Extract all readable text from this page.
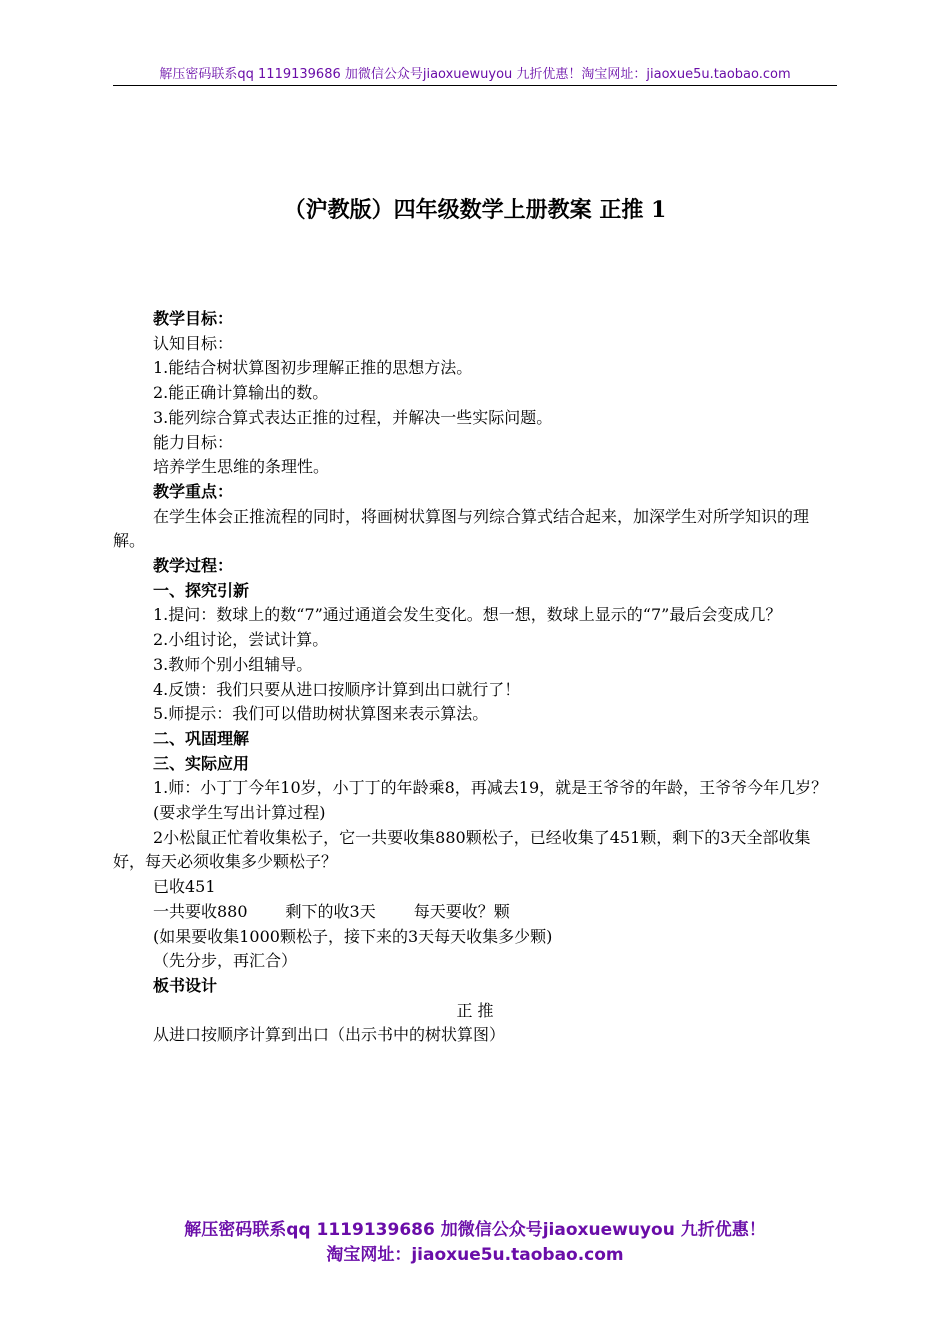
解压密码联系qq 1119139686 加微信公众号jiaoxuewuyou 九折优惠！淘宝网址：jiaoxue5u.taobao.com
（沪教版）四年级数学上册教案 正推 1

教学目标：

认知目标：

1.能结合树状算图初步理解正推的思想方法。

2.能正确计算输出的数。

3.能列综合算式表达正推的过程，并解决一些实际问题。

能力目标：

培养学生思维的条理性。

教学重点：

在学生体会正推流程的同时，将画树状算图与列综合算式结合起来，加深学生对所学知识的理解。

教学过程：

一、探究引新

1.提问：数球上的数“7”通过通道会发生变化。想一想，数球上显示的“7”最后会变成几？

2.小组讨论，尝试计算。

3.教师个别小组辅导。

4.反馈：我们只要从进口按顺序计算到出口就行了！

5.师提示：我们可以借助树状算图来表示算法。

二、巩固理解

三、实际应用

1.师：小丁丁今年10岁，小丁丁的年龄乘8，再减去19，就是王爷爷的年龄，王爷爷今年几岁？

(要求学生写出计算过程)

2小松鼠正忙着收集松子，它一共要收集880颗松子，已经收集了451颗，剩下的3天全部收集好，每天必须收集多少颗松子？

已收451

一共要收880 剩下的收3天 每天要收？颗

(如果要收集1000颗松子，接下来的3天每天收集多少颗)

（先分步，再汇合）

板书设计

正 推

从进口按顺序计算到出口（出示书中的树状算图）

解压密码联系qq 1119139686 加微信公众号jiaoxuewuyou 九折优惠！
淘宝网址：jiaoxue5u.taobao.com
